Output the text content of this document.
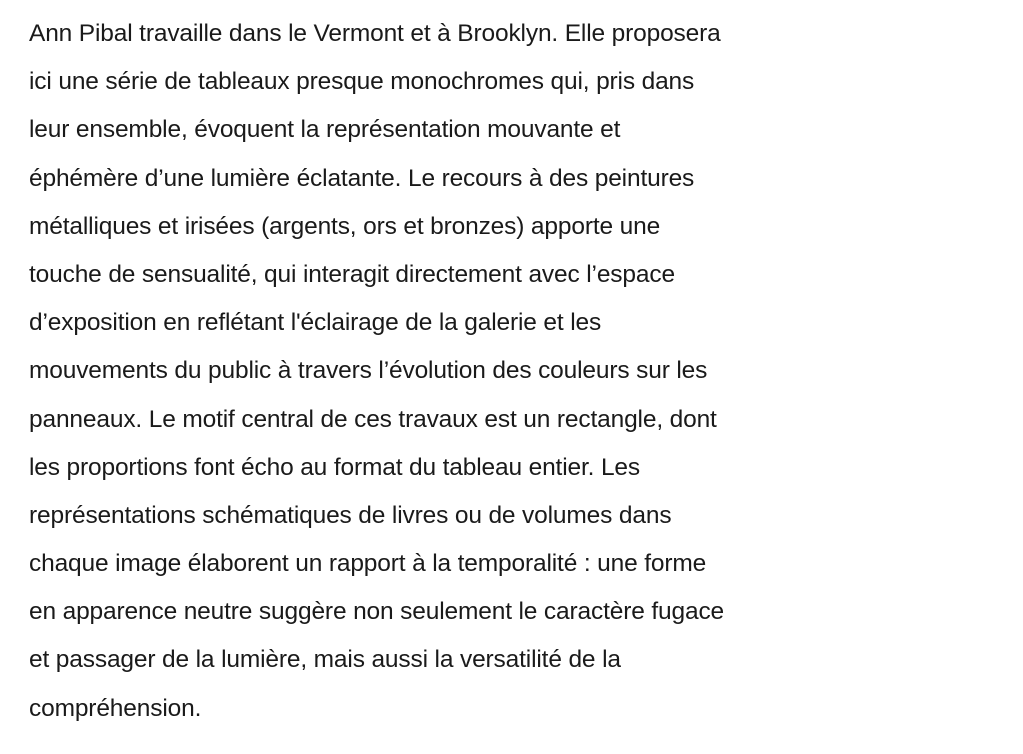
Ann Pibal travaille dans le Vermont et à Brooklyn. Elle proposera
ici une série de tableaux presque monochromes qui, pris dans
leur ensemble, évoquent la représentation mouvante et
éphémère d’une lumière éclatante. Le recours à des peintures
métalliques et irisées (argents, ors et bronzes) apporte une
touche de sensualité, qui interagit directement avec l’espace
d’exposition en reflétant l'éclairage de la galerie et les
mouvements du public à travers l’évolution des couleurs sur les
panneaux. Le motif central de ces travaux est un rectangle, dont
les proportions font écho au format du tableau entier. Les
représentations schématiques de livres ou de volumes dans
chaque image élaborent un rapport à la temporalité : une forme
en apparence neutre suggère non seulement le caractère fugace
et passager de la lumière, mais aussi la versatilité de la
compréhension.
